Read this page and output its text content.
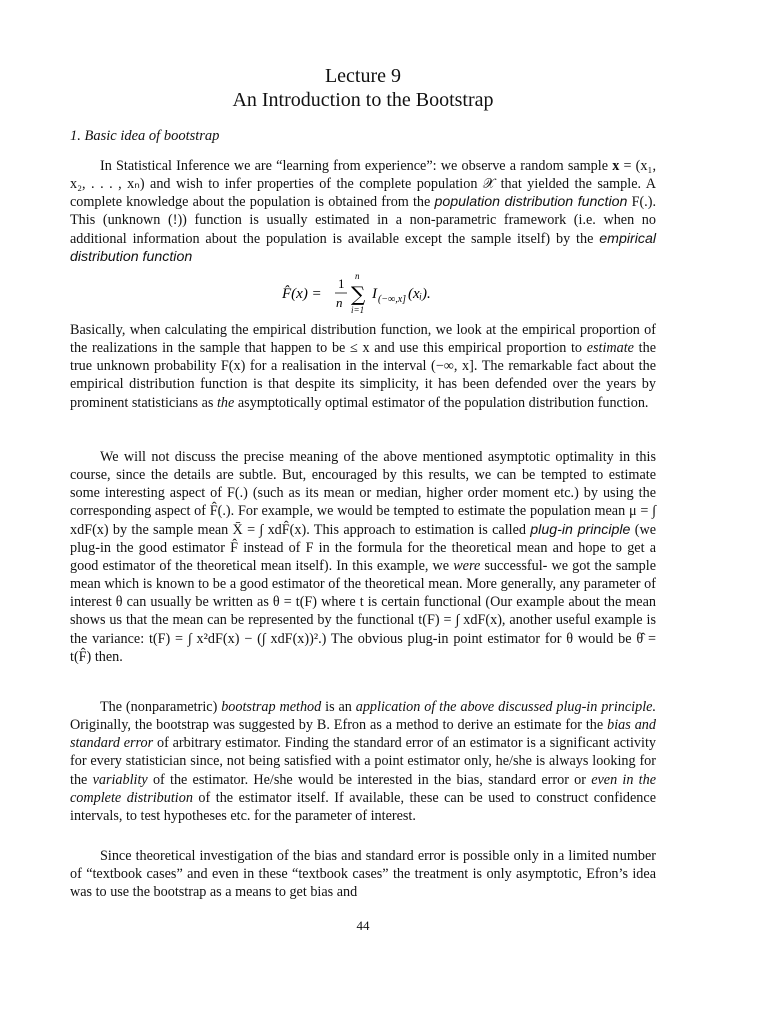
Lecture 9
An Introduction to the Bootstrap
1. Basic idea of bootstrap

In Statistical Inference we are “learning from experience”: we observe a random sample x = (x₁, x₂, . . . , xₙ) and wish to infer properties of the complete population 𝒳 that yielded the sample. A complete knowledge about the population is obtained from the population distribution function F(.). This (unknown (!)) function is usually estimated in a non-parametric framework (i.e. when no additional information about the population is available except the sample itself) by the empirical distribution function

F̂(x) =
1
n
n
∑
i=1
I (−∞,x] (xᵢ).

Basically, when calculating the empirical distribution function, we look at the empirical proportion of the realizations in the sample that happen to be ≤ x and use this empirical proportion to estimate the true unknown probability F(x) for a realisation in the interval (−∞, x]. The remarkable fact about the empirical distribution function is that despite its simplicity, it has been defended over the years by prominent statisticians as the asymptotically optimal estimator of the population distribution function.

We will not discuss the precise meaning of the above mentioned asymptotic optimality in this course, since the details are subtle. But, encouraged by this results, we can be tempted to estimate some interesting aspect of F(.) (such as its mean or median, higher order moment etc.) by using the corresponding aspect of F̂(.). For example, we would be tempted to estimate the population mean μ = ∫ xdF(x) by the sample mean X̄ = ∫ xdF̂(x). This approach to estimation is called plug-in principle (we plug-in the good estimator F̂ instead of F in the formula for the theoretical mean and hope to get a good estimator of the theoretical mean itself). In this example, we were successful- we got the sample mean which is known to be a good estimator of the theoretical mean. More generally, any parameter of interest θ can usually be written as θ = t(F) where t is certain functional (Our example about the mean shows us that the mean can be represented by the functional t(F) = ∫ xdF(x), another useful example is the variance: t(F) = ∫ x²dF(x) − (∫ xdF(x))².) The obvious plug-in point estimator for θ would be θ̂ = t(F̂) then.

The (nonparametric) bootstrap method is an application of the above discussed plug-in principle. Originally, the bootstrap was suggested by B. Efron as a method to derive an estimate for the bias and standard error of arbitrary estimator. Finding the standard error of an estimator is a significant activity for every statistician since, not being satisfied with a point estimator only, he/she is always looking for the variablity of the estimator. He/she would be interested in the bias, standard error or even in the complete distribution of the estimator itself. If available, these can be used to construct confidence intervals, to test hypotheses etc. for the parameter of interest.

Since theoretical investigation of the bias and standard error is possible only in a limited number of “textbook cases” and even in these “textbook cases” the treatment is only asymptotic, Efron’s idea was to use the bootstrap as a means to get bias and

44
